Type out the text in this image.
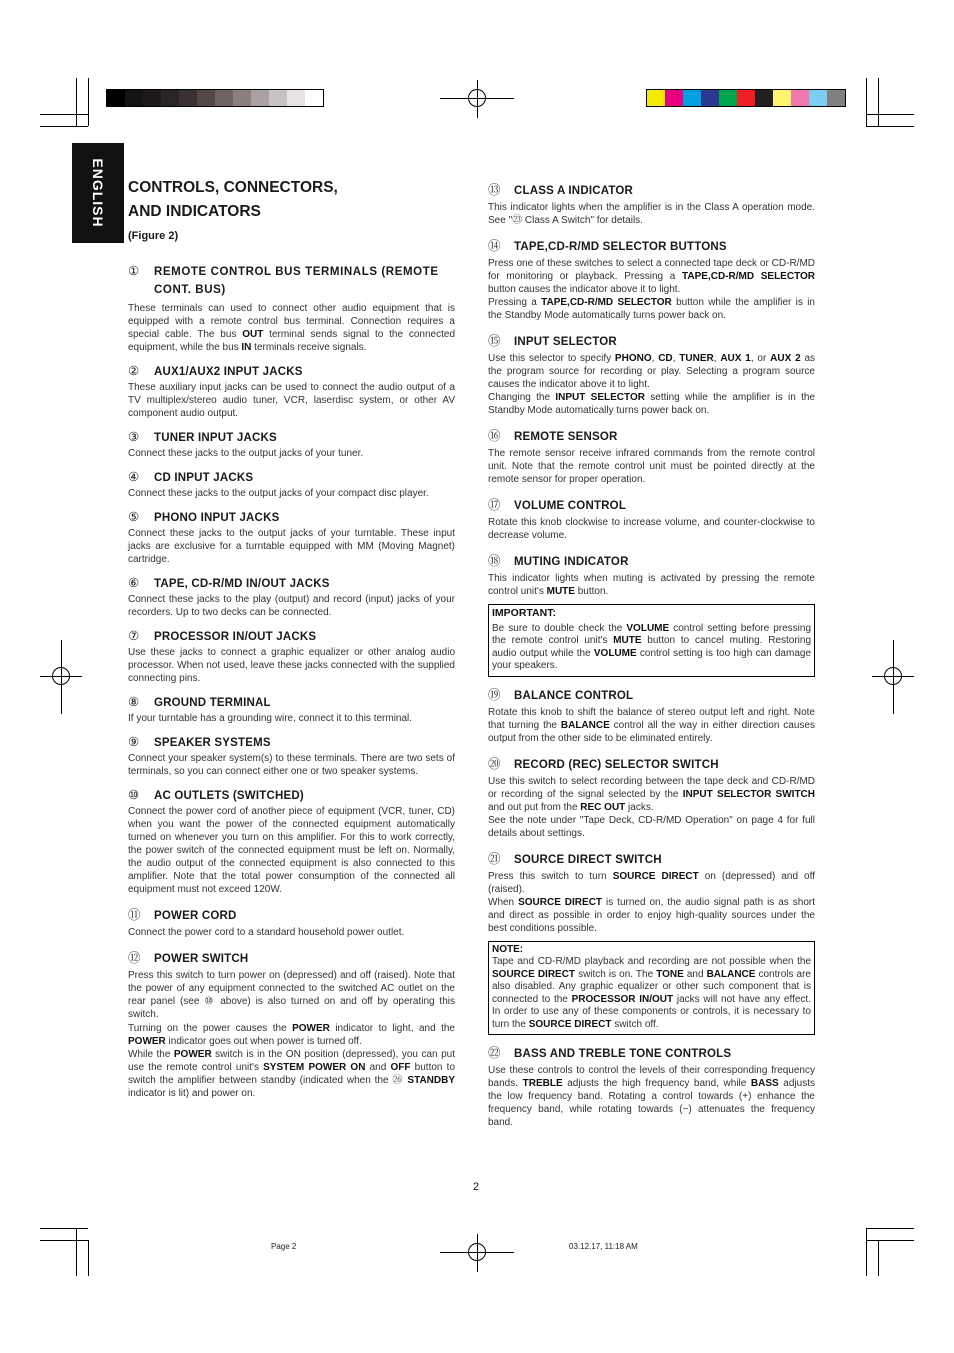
ENGLISH CONTROLS, CONNECTORS,
AND INDICATORS
(Figure 2)
①	REMOTE CONTROL BUS TERMINALS (REMOTE CONT. BUS)

These terminals can used to connect other audio equipment that is equipped with a remote control bus terminal. Connection requires a special cable. The bus OUT terminal sends signal to the connected equipment, while the bus IN terminals receive signals.

②	AUX1/AUX2 INPUT JACKS

These auxiliary input jacks can be used to connect the audio output of a TV multiplex/stereo audio tuner, VCR, laserdisc system, or other AV component audio output.

③	TUNER INPUT JACKS

Connect these jacks to the output jacks of your tuner.

④	CD INPUT JACKS

Connect these jacks to the output jacks of your compact disc player.

⑤	PHONO INPUT JACKS

Connect these jacks to the output jacks of your turntable. These input jacks are exclusive for a turntable equipped with MM (Moving Magnet) cartridge.

⑥	TAPE, CD-R/MD IN/OUT JACKS

Connect these jacks to the play (output) and record (input) jacks of your recorders. Up to two decks can be connected.

⑦	PROCESSOR IN/OUT JACKS

Use these jacks to connect a graphic equalizer or other analog audio processor. When not used, leave these jacks connected with the supplied connecting pins.

⑧	GROUND TERMINAL

If your turntable has a grounding wire, connect it to this terminal.

⑨	SPEAKER SYSTEMS

Connect your speaker system(s) to these terminals. There are two sets of terminals, so you can connect either one or two speaker systems.

⑩	AC OUTLETS (SWITCHED)

Connect the power cord of another piece of equipment (VCR, tuner, CD) when you want the power of the connected equipment automatically turned on whenever you turn on this amplifier. For this to work correctly, the power switch of the connected equipment must be left on. Normally, the audio output of the connected equipment is also connected to this amplifier. Note that the total power consumption of the connected all equipment must not exceed 120W.

⑪	POWER CORD

Connect the power cord to a standard household power outlet.

⑫	POWER SWITCH

Press this switch to turn power on (depressed) and off (raised). Note that the power of any equipment connected to the switched AC outlet on the rear panel (see ⑩ above) is also turned on and off by operating this switch.

Turning on the power causes the POWER indicator to light, and the POWER indicator goes out when power is turned off.

While the POWER switch is in the ON position (depressed), you can put use the remote control unit's SYSTEM POWER ON and OFF button to switch the amplifier between standby (indicated when the ㉖ STANDBY indicator is lit) and power on.

⑬	CLASS A INDICATOR

This indicator lights when the amplifier is in the Class A operation mode. See "㉓ Class A Switch" for details.

⑭	TAPE,CD-R/MD SELECTOR BUTTONS

Press one of these switches to select a connected tape deck or CD-R/MD for monitoring or playback. Pressing a TAPE,CD-R/MD SELECTOR button causes the indicator above it to light.

Pressing a TAPE,CD-R/MD SELECTOR button while the amplifier is in the Standby Mode automatically turns power back on.

⑮	INPUT SELECTOR

Use this selector to specify PHONO, CD, TUNER, AUX 1, or AUX 2 as the program source for recording or play. Selecting a program source causes the indicator above it to light.

Changing the INPUT SELECTOR setting while the amplifier is in the Standby Mode automatically turns power back on.

⑯	REMOTE SENSOR

The remote sensor receive infrared commands from the remote control unit. Note that the remote control unit must be pointed directly at the remote sensor for proper operation.

⑰	VOLUME CONTROL

Rotate this knob clockwise to increase volume, and counter-clockwise to decrease volume.

⑱	MUTING INDICATOR

This indicator lights when muting is activated by pressing the remote control unit's MUTE button.

IMPORTANT:
Be sure to double check the VOLUME control setting before pressing the remote control unit's MUTE button to cancel muting. Restoring audio output while the VOLUME control setting is too high can damage your speakers.
⑲	BALANCE CONTROL

Rotate this knob to shift the balance of stereo output left and right. Note that turning the BALANCE control all the way in either direction causes output from the other side to be eliminated entirely.

⑳	RECORD (REC) SELECTOR SWITCH

Use this switch to select recording between the tape deck and CD-R/MD or recording of the signal selected by the INPUT SELECTOR SWITCH and out put from the REC OUT jacks.

See the note under "Tape Deck, CD-R/MD Operation" on page 4 for full details about settings.

㉑	SOURCE DIRECT SWITCH

Press this switch to turn SOURCE DIRECT on (depressed) and off (raised).

When SOURCE DIRECT is turned on, the audio signal path is as short and direct as possible in order to enjoy high-quality sources under the best conditions possible.

NOTE:
Tape and CD-R/MD playback and recording are not possible when the SOURCE DIRECT switch is on. The TONE and BALANCE controls are also disabled. Any graphic equalizer or other such component that is connected to the PROCESSOR IN/OUT jacks will not have any effect. In order to use any of these components or controls, it is necessary to turn the SOURCE DIRECT switch off.
㉒	BASS AND TREBLE TONE CONTROLS

Use these controls to control the levels of their corresponding frequency bands. TREBLE adjusts the high frequency band, while BASS adjusts the low frequency band. Rotating a control towards (+) enhance the frequency band, while rotating towards (−) attenuates the frequency band.

2
Page 2	03.12.17, 11:18 AM
